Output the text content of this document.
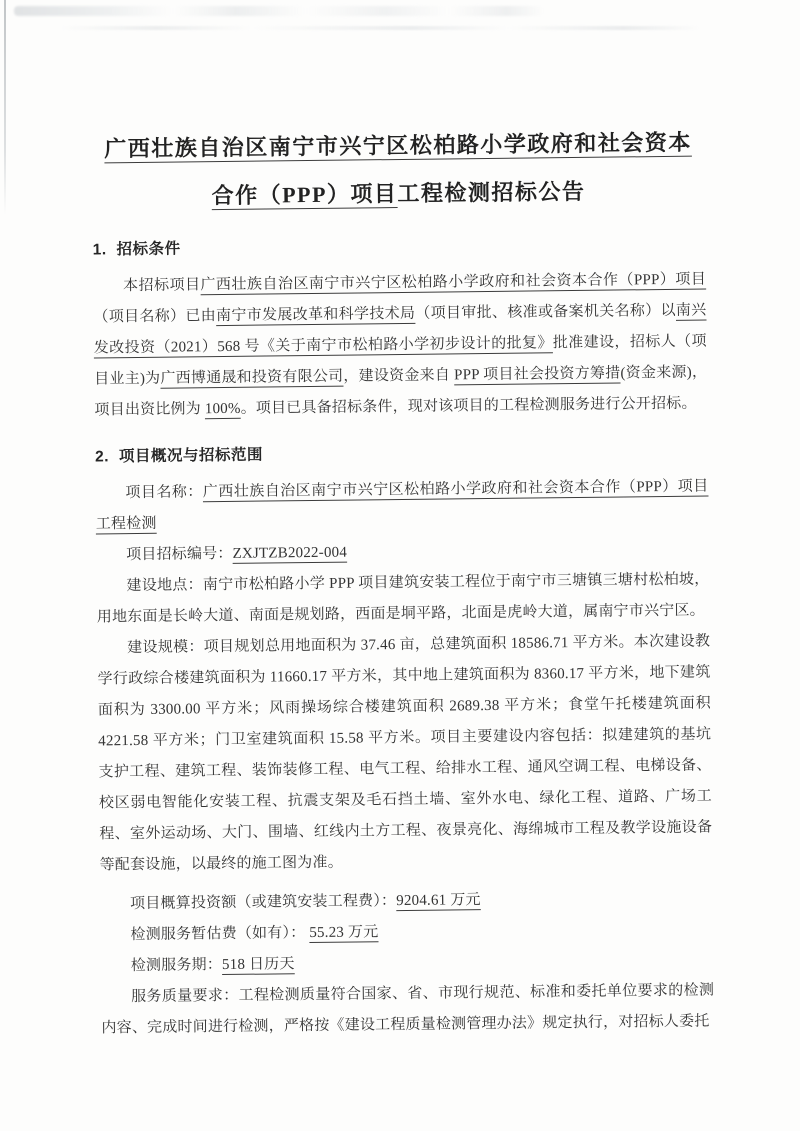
广西壮族自治区南宁市兴宁区松柏路小学政府和社会资本
合作（PPP）项目工程检测招标公告
1. 招标条件

本招标项目广西壮族自治区南宁市兴宁区松柏路小学政府和社会资本合作（PPP）项目（项目名称）已由南宁市发展改革和科学技术局（项目审批、核准或备案机关名称）以南兴发改投资（2021）568 号《关于南宁市松柏路小学初步设计的批复》批准建设，招标人（项目业主)为广西博通晟和投资有限公司，建设资金来自 PPP 项目社会投资方筹措(资金来源)，项目出资比例为 100%。项目已具备招标条件，现对该项目的工程检测服务进行公开招标。

2. 项目概况与招标范围

项目名称：广西壮族自治区南宁市兴宁区松柏路小学政府和社会资本合作（PPP）项目工程检测

项目招标编号：ZXJTZB2022-004

建设地点：南宁市松柏路小学 PPP 项目建筑安装工程位于南宁市三塘镇三塘村松柏坡，用地东面是长岭大道、南面是规划路，西面是垌平路，北面是虎岭大道，属南宁市兴宁区。

建设规模：项目规划总用地面积为 37.46 亩，总建筑面积 18586.71 平方米。本次建设教学行政综合楼建筑面积为 11660.17 平方米，其中地上建筑面积为 8360.17 平方米，地下建筑面积为 3300.00 平方米；风雨操场综合楼建筑面积 2689.38 平方米；食堂午托楼建筑面积 4221.58 平方米；门卫室建筑面积 15.58 平方米。项目主要建设内容包括：拟建建筑的基坑支护工程、建筑工程、装饰装修工程、电气工程、给排水工程、通风空调工程、电梯设备、校区弱电智能化安装工程、抗震支架及毛石挡土墙、室外水电、绿化工程、道路、广场工程、室外运动场、大门、围墙、红线内土方工程、夜景亮化、海绵城市工程及教学设施设备等配套设施，以最终的施工图为准。

项目概算投资额（或建筑安装工程费）：9204.61 万元

检测服务暂估费（如有）： 55.23 万元

检测服务期：518 日历天

服务质量要求：工程检测质量符合国家、省、市现行规范、标准和委托单位要求的检测内容、完成时间进行检测，严格按《建设工程质量检测管理办法》规定执行，对招标人委托
